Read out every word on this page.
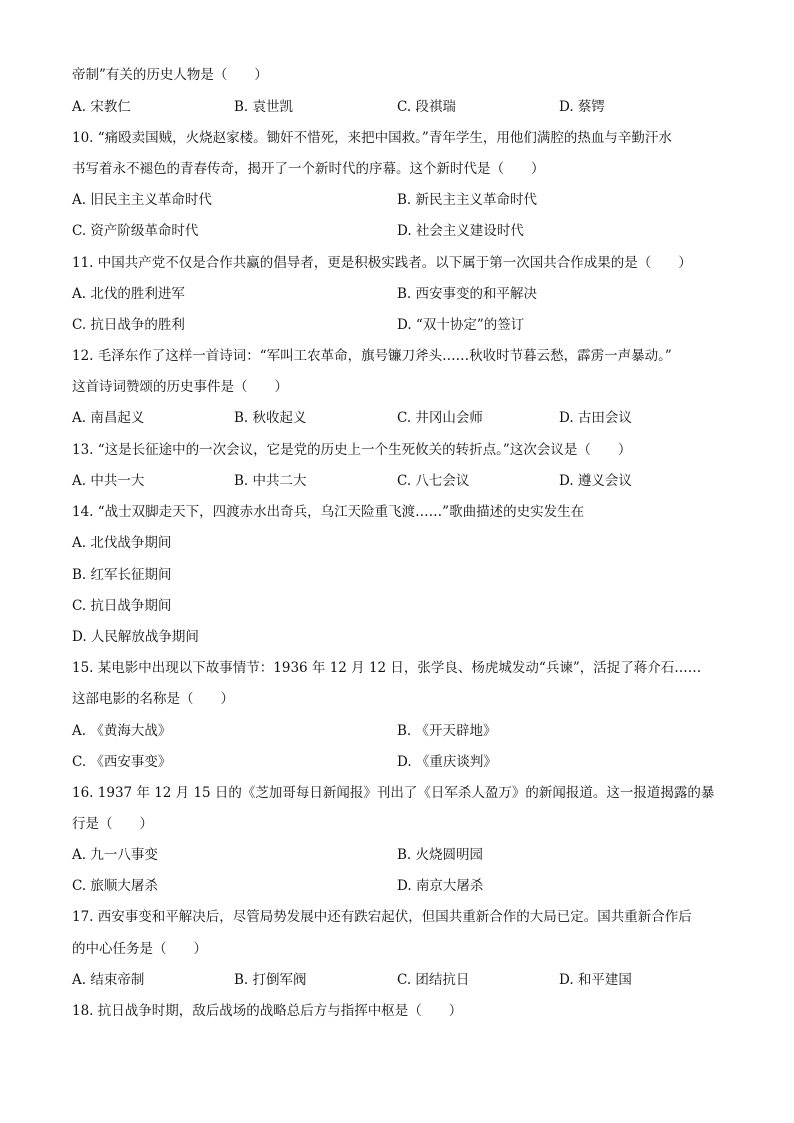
帝制”有关的历史人物是（　　）
A. 宋教仁	B. 袁世凯	C. 段祺瑞	D. 蔡锷
10. “痛殴卖国贼，火烧赵家楼。锄奸不惜死，来把中国救。”青年学生，用他们满腔的热血与辛勤汗水
书写着永不褪色的青春传奇，揭开了一个新时代的序幕。这个新时代是（　　）
A. 旧民主主义革命时代	B. 新民主主义革命时代
C. 资产阶级革命时代	D. 社会主义建设时代
11. 中国共产党不仅是合作共赢的倡导者，更是积极实践者。以下属于第一次国共合作成果的是（　　）
A. 北伐的胜利进军	B. 西安事变的和平解决
C. 抗日战争的胜利	D. “双十协定”的签订
12. 毛泽东作了这样一首诗词：“军叫工农革命，旗号镰刀斧头……秋收时节暮云愁，霹雳一声暴动。”
这首诗词赞颂的历史事件是（　　）
A. 南昌起义	B. 秋收起义	C. 井冈山会师	D. 古田会议
13. “这是长征途中的一次会议，它是党的历史上一个生死攸关的转折点。”这次会议是（　　）
A. 中共一大	B. 中共二大	C. 八七会议	D. 遵义会议
14. “战士双脚走天下，四渡赤水出奇兵，乌江天险重飞渡……”歌曲描述的史实发生在
A. 北伐战争期间
B. 红军长征期间
C. 抗日战争期间
D. 人民解放战争期间
15. 某电影中出现以下故事情节：1936 年 12 月 12 日，张学良、杨虎城发动“兵谏”，活捉了蒋介石……
这部电影的名称是（　　）
A. 《黄海大战》	B. 《开天辟地》
C. 《西安事变》	D. 《重庆谈判》
16. 1937 年 12 月 15 日的《芝加哥每日新闻报》刊出了《日军杀人盈万》的新闻报道。这一报道揭露的暴
行是（　　）
A. 九一八事变	B. 火烧圆明园
C. 旅顺大屠杀	D. 南京大屠杀
17. 西安事变和平解决后，尽管局势发展中还有跌宕起伏，但国共重新合作的大局已定。国共重新合作后
的中心任务是（　　）
A. 结束帝制	B. 打倒军阀	C. 团结抗日	D. 和平建国
18. 抗日战争时期，敌后战场的战略总后方与指挥中枢是（　　）
